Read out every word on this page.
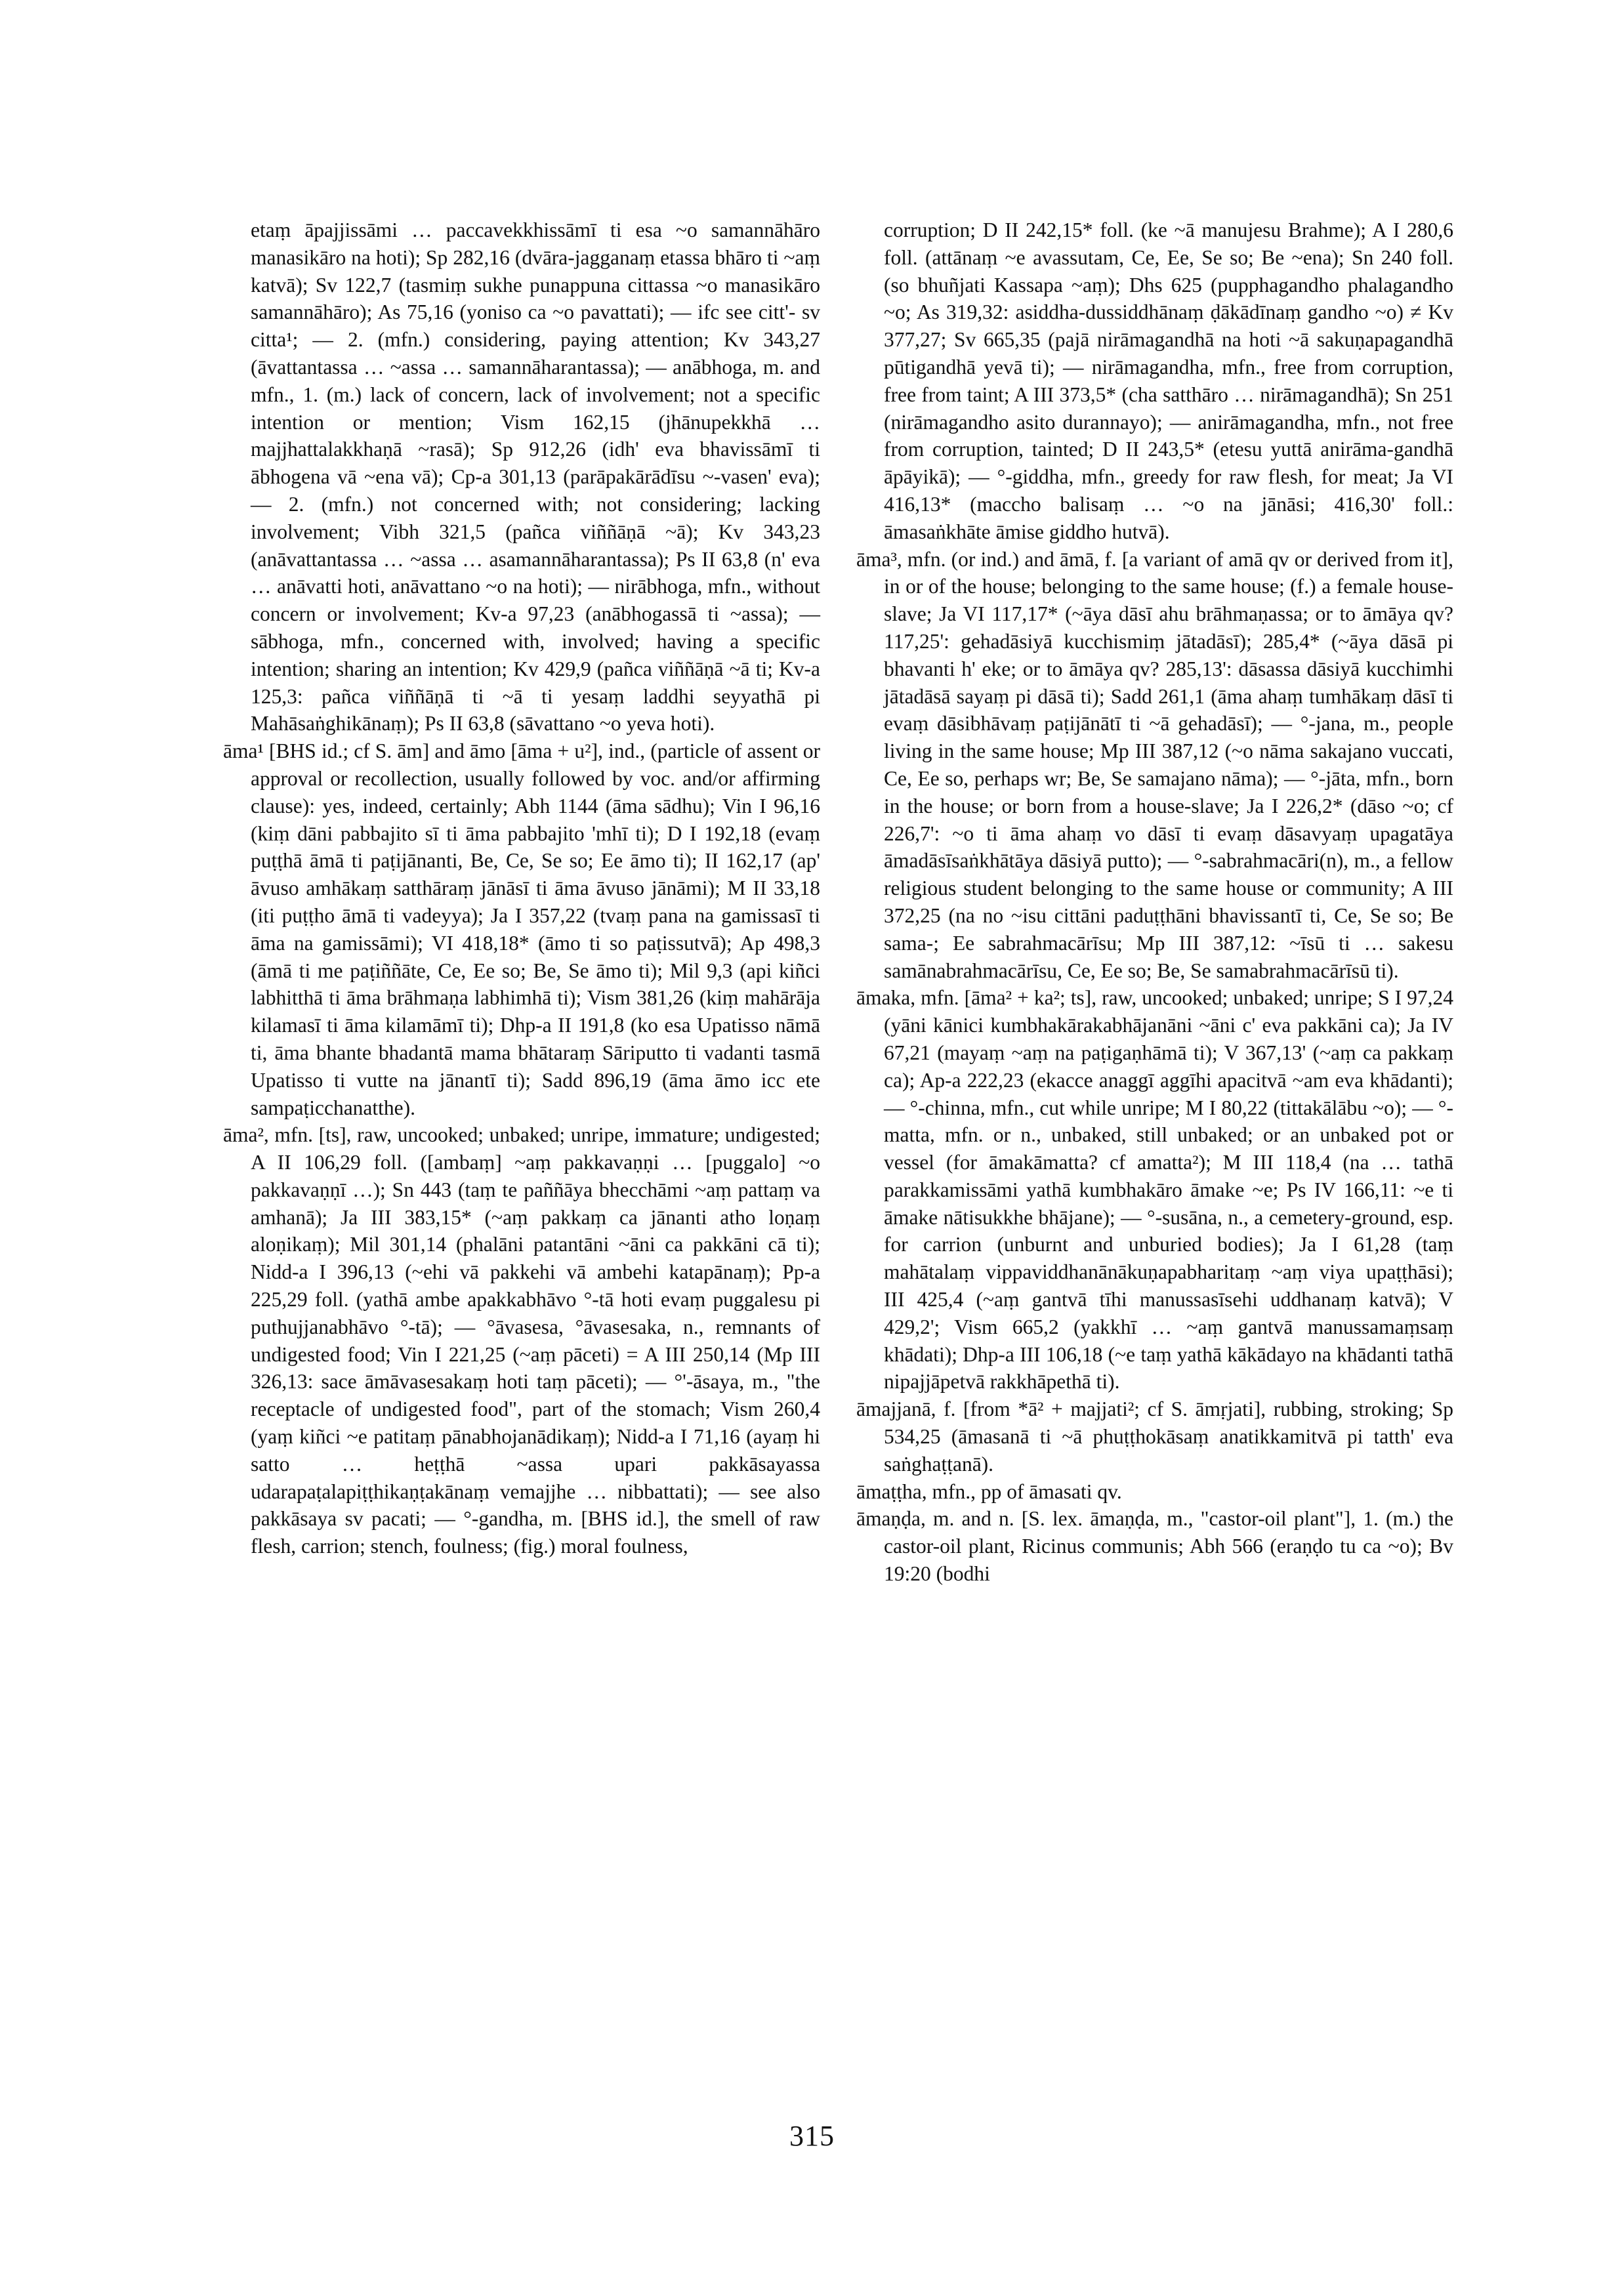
etaṃ āpajjissāmi … paccavekkhissāmī ti esa ~o samannāhāro manasikāro na hoti); Sp 282,16 (dvāra-jagganaṃ etassa bhāro ti ~aṃ katvā); Sv 122,7 (tasmiṃ sukhe punappuna cittassa ~o manasikāro samannāhāro); As 75,16 (yoniso ca ~o pavattati); — ifc see citt'- sv citta¹; — 2. (mfn.) considering, paying attention; Kv 343,27 (āvattantassa … ~assa … samannāharantassa); — anābhoga, m. and mfn., 1. (m.) lack of concern, lack of involvement; not a specific intention or mention; Vism 162,15 (jhānupekkhā … majjhattalakkhaṇā ~rasā); Sp 912,26 (idh' eva bhavissāmī ti ābhogena vā ~ena vā); Cp-a 301,13 (parāpakārādīsu ~-vasen' eva); — 2. (mfn.) not concerned with; not considering; lacking involvement; Vibh 321,5 (pañca viññāṇā ~ā); Kv 343,23 (anāvattantassa … ~assa … asamannāharantassa); Ps II 63,8 (n' eva … anāvatti hoti, anāvattano ~o na hoti); — nirābhoga, mfn., without concern or involvement; Kv-a 97,23 (anābhogassā ti ~assa); — sābhoga, mfn., concerned with, involved; having a specific intention; sharing an intention; Kv 429,9 (pañca viññāṇā ~ā ti; Kv-a 125,3: pañca viññāṇā ti ~ā ti yesaṃ laddhi seyyathā pi Mahāsaṅghikānaṃ); Ps II 63,8 (sāvattano ~o yeva hoti).

āma¹ [BHS id.; cf S. ām] and āmo [āma + u²], ind., (particle of assent or approval or recollection, usually followed by voc. and/or affirming clause): yes, indeed, certainly; Abh 1144 (āma sādhu); Vin I 96,16 (kiṃ dāni pabbajito sī ti āma pabbajito 'mhī ti); D I 192,18 (evaṃ puṭṭhā āmā ti paṭijānanti, Be, Ce, Se so; Ee āmo ti); II 162,17 (ap' āvuso amhākaṃ satthāraṃ jānāsī ti āma āvuso jānāmi); M II 33,18 (iti puṭṭho āmā ti vadeyya); Ja I 357,22 (tvaṃ pana na gamissasī ti āma na gamissāmi); VI 418,18* (āmo ti so paṭissutvā); Ap 498,3 (āmā ti me paṭiññāte, Ce, Ee so; Be, Se āmo ti); Mil 9,3 (api kiñci labhitthā ti āma brāhmaṇa labhimhā ti); Vism 381,26 (kiṃ mahārāja kilamasī ti āma kilamāmī ti); Dhp-a II 191,8 (ko esa Upatisso nāmā ti, āma bhante bhadantā mama bhātaraṃ Sāriputto ti vadanti tasmā Upatisso ti vutte na jānantī ti); Sadd 896,19 (āma āmo icc ete sampaṭicchanatthe).

āma², mfn. [ts], raw, uncooked; unbaked; unripe, immature; undigested; A II 106,29 foll. ([ambaṃ] ~aṃ pakkavaṇṇi … [puggalo] ~o pakkavaṇṇī …); Sn 443 (taṃ te paññāya bhecchāmi ~aṃ pattaṃ va amhanā); Ja III 383,15* (~aṃ pakkaṃ ca jānanti atho loṇaṃ aloṇikaṃ); Mil 301,14 (phalāni patantāni ~āni ca pakkāni cā ti); Nidd-a I 396,13 (~ehi vā pakkehi vā ambehi katapānaṃ); Pp-a 225,29 foll. (yathā ambe apakkabhāvo °-tā hoti evaṃ puggalesu pi puthujjanabhāvo °-tā); — °āvasesa, °āvasesaka, n., remnants of undigested food; Vin I 221,25 (~aṃ pāceti) = A III 250,14 (Mp III 326,13: sace āmāvasesakaṃ hoti taṃ pāceti); — °'-āsaya, m., "the receptacle of undigested food", part of the stomach; Vism 260,4 (yaṃ kiñci ~e patitaṃ pānabhojanādikaṃ); Nidd-a I 71,16 (ayaṃ hi satto … heṭṭhā ~assa upari pakkāsayassa udarapaṭalapiṭṭhikaṇṭakānaṃ vemajjhe … nibbattati); — see also pakkāsaya sv pacati; — °-gandha, m. [BHS id.], the smell of raw flesh, carrion; stench, foulness; (fig.) moral foulness,

corruption; D II 242,15* foll. (ke ~ā manujesu Brahme); A I 280,6 foll. (attānaṃ ~e avassutam, Ce, Ee, Se so; Be ~ena); Sn 240 foll. (so bhuñjati Kassapa ~aṃ); Dhs 625 (pupphagandho phalagandho ~o; As 319,32: asiddha-dussiddhānaṃ ḍākādīnaṃ gandho ~o) ≠ Kv 377,27; Sv 665,35 (pajā nirāmagandhā na hoti ~ā sakuṇapagandhā pūtigandhā yevā ti); — nirāmagandha, mfn., free from corruption, free from taint; A III 373,5* (cha satthāro … nirāmagandhā); Sn 251 (nirāmagandho asito durannayo); — anirāmagandha, mfn., not free from corruption, tainted; D II 243,5* (etesu yuttā anirāma-gandhā āpāyikā); — °-giddha, mfn., greedy for raw flesh, for meat; Ja VI 416,13* (maccho balisaṃ … ~o na jānāsi; 416,30' foll.: āmasaṅkhāte āmise giddho hutvā).

āma³, mfn. (or ind.) and āmā, f. [a variant of amā qv or derived from it], in or of the house; belonging to the same house; (f.) a female house-slave; Ja VI 117,17* (~āya dāsī ahu brāhmaṇassa; or to āmāya qv? 117,25': gehadāsiyā kucchismiṃ jātadāsī); 285,4* (~āya dāsā pi bhavanti h' eke; or to āmāya qv? 285,13': dāsassa dāsiyā kucchimhi jātadāsā sayaṃ pi dāsā ti); Sadd 261,1 (āma ahaṃ tumhākaṃ dāsī ti evaṃ dāsibhāvaṃ paṭijānātī ti ~ā gehadāsī); — °-jana, m., people living in the same house; Mp III 387,12 (~o nāma sakajano vuccati, Ce, Ee so, perhaps wr; Be, Se samajano nāma); — °-jāta, mfn., born in the house; or born from a house-slave; Ja I 226,2* (dāso ~o; cf 226,7': ~o ti āma ahaṃ vo dāsī ti evaṃ dāsavyaṃ upagatāya āmadāsīsaṅkhātāya dāsiyā putto); — °-sabrahmacāri(n), m., a fellow religious student belonging to the same house or community; A III 372,25 (na no ~isu cittāni paduṭṭhāni bhavissantī ti, Ce, Se so; Be sama-; Ee sabrahmacārīsu; Mp III 387,12: ~īsū ti … sakesu samānabrahmacārīsu, Ce, Ee so; Be, Se samabrahmacārīsū ti).

āmaka, mfn. [āma² + ka²; ts], raw, uncooked; unbaked; unripe; S I 97,24 (yāni kānici kumbhakārakabhājanāni ~āni c' eva pakkāni ca); Ja IV 67,21 (mayaṃ ~aṃ na paṭigaṇhāmā ti); V 367,13' (~aṃ ca pakkaṃ ca); Ap-a 222,23 (ekacce anaggī aggīhi apacitvā ~am eva khādanti); — °-chinna, mfn., cut while unripe; M I 80,22 (tittakālābu ~o); — °-matta, mfn. or n., unbaked, still unbaked; or an unbaked pot or vessel (for āmakāmatta? cf amatta²); M III 118,4 (na … tathā parakkamissāmi yathā kumbhakāro āmake ~e; Ps IV 166,11: ~e ti āmake nātisukkhe bhājane); — °-susāna, n., a cemetery-ground, esp. for carrion (unburnt and unburied bodies); Ja I 61,28 (taṃ mahātalaṃ vippaviddhanānākuṇapabharitaṃ ~aṃ viya upaṭṭhāsi); III 425,4 (~aṃ gantvā tīhi manussasīsehi uddhanaṃ katvā); V 429,2'; Vism 665,2 (yakkhī … ~aṃ gantvā manussamaṃsaṃ khādati); Dhp-a III 106,18 (~e taṃ yathā kākādayo na khādanti tathā nipajjāpetvā rakkhāpethā ti).

āmajjanā, f. [from *ā² + majjati²; cf S. āmṛjati], rubbing, stroking; Sp 534,25 (āmasanā ti ~ā phuṭṭhokāsaṃ anatikkamitvā pi tatth' eva saṅghaṭṭanā).

āmaṭṭha, mfn., pp of āmasati qv.

āmaṇḍa, m. and n. [S. lex. āmaṇḍa, m., "castor-oil plant"], 1. (m.) the castor-oil plant, Ricinus communis; Abh 566 (eraṇḍo tu ca ~o); Bv 19:20 (bodhi

315
